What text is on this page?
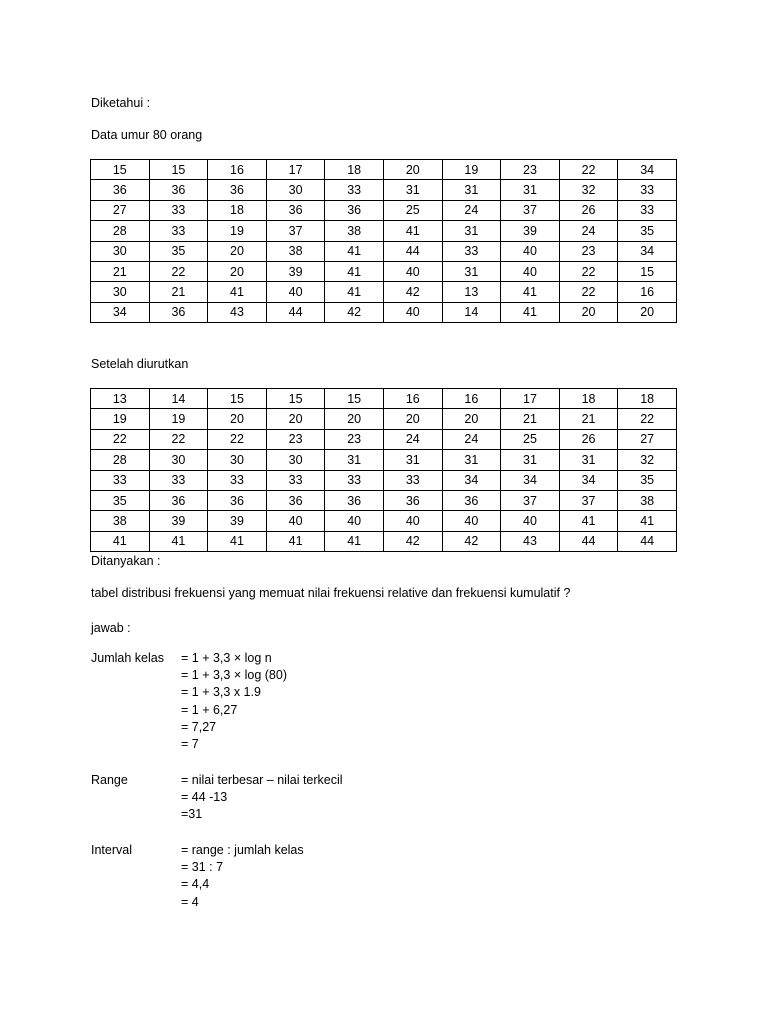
Diketahui :
Data umur 80 orang
15	15	16	17	18	20	19	23	22	34
36	36	36	30	33	31	31	31	32	33
27	33	18	36	36	25	24	37	26	33
28	33	19	37	38	41	31	39	24	35
30	35	20	38	41	44	33	40	23	34
21	22	20	39	41	40	31	40	22	15
30	21	41	40	41	42	13	41	22	16
34	36	43	44	42	40	14	41	20	20
Setelah diurutkan
13	14	15	15	15	16	16	17	18	18
19	19	20	20	20	20	20	21	21	22
22	22	22	23	23	24	24	25	26	27
28	30	30	30	31	31	31	31	31	32
33	33	33	33	33	33	34	34	34	35
35	36	36	36	36	36	36	37	37	38
38	39	39	40	40	40	40	40	41	41
41	41	41	41	41	42	42	43	44	44
Ditanyakan :
tabel distribusi frekuensi yang memuat nilai frekuensi relative dan frekuensi kumulatif ?
jawab :
Jumlah kelas = 1 + 3,3 × log n
= 1 + 3,3 × log (80)
= 1 + 3,3 x 1.9
= 1 + 6,27
= 7,27
= 7
Range	= nilai terbesar – nilai terkecil
= 44 -13
=31
Interval	= range : jumlah kelas
= 31 : 7
= 4,4
= 4
